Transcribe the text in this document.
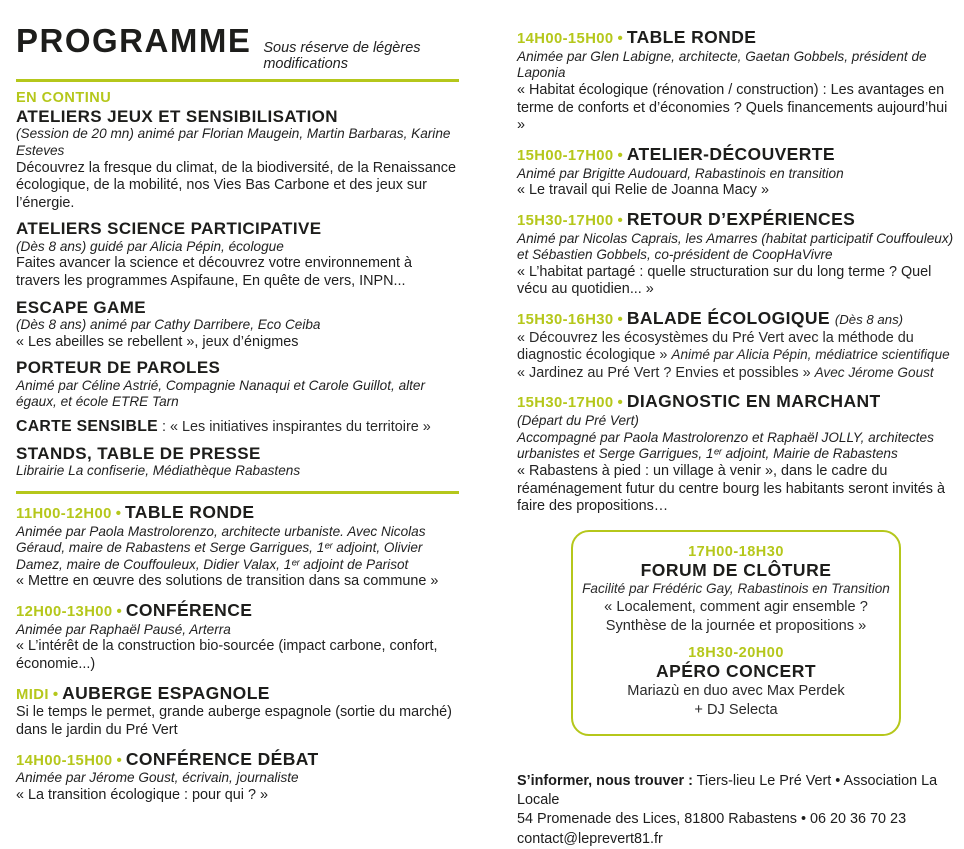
PROGRAMME Sous réserve de légères modifications
EN CONTINU
ATELIERS JEUX ET SENSIBILISATION

(Session de 20 mn) animé par Florian Maugein, Martin Barbaras, Karine Esteves

Découvrez la fresque du climat, de la biodiversité, de la Renaissance écologique, de la mobilité, nos Vies Bas Carbone et des jeux sur l’énergie.

ATELIERS SCIENCE PARTICIPATIVE

(Dès 8 ans) guidé par Alicia Pépin, écologue

Faites avancer la science et découvrez votre environnement à travers les programmes Aspifaune, En quête de vers, INPN...

ESCAPE GAME

(Dès 8 ans) animé par Cathy Darribere, Eco Ceiba

« Les abeilles se rebellent », jeux d’énigmes

PORTEUR DE PAROLES

Animé par Céline Astrié, Compagnie Nanaqui et Carole Guillot, alter égaux, et école ETRE Tarn

CARTE SENSIBLE : « Les initiatives inspirantes du territoire »

STANDS, TABLE DE PRESSE

Librairie La confiserie, Médiathèque Rabastens

11H00-12H00 • TABLE RONDE

Animée par Paola Mastrolorenzo, architecte urbaniste. Avec Nicolas Géraud, maire de Rabastens et Serge Garrigues, 1ᵉʳ adjoint, Olivier Damez, maire de Couffouleux, Didier Valax, 1ᵉʳ adjoint de Parisot

« Mettre en œuvre des solutions de transition dans sa commune »

12H00-13H00 • CONFÉRENCE

Animée par Raphaël Pausé, Arterra

« L’intérêt de la construction bio-sourcée (impact carbone, confort, économie...)

MIDI • AUBERGE ESPAGNOLE

Si le temps le permet, grande auberge espagnole (sortie du marché) dans le jardin du Pré Vert

14H00-15H00 • CONFÉRENCE DÉBAT

Animée par Jérome Goust, écrivain, journaliste

« La transition écologique : pour qui ? »

14H00-15H00 • TABLE RONDE

Animée par Glen Labigne, architecte, Gaetan Gobbels, président de Laponia

« Habitat écologique (rénovation / construction) : Les avantages en terme de conforts et d’économies ? Quels financements aujourd’hui »

15H00-17H00 • ATELIER-DÉCOUVERTE

Animé par Brigitte Audouard, Rabastinois en transition

« Le travail qui Relie de Joanna Macy »

15H30-17H00 • RETOUR D’EXPÉRIENCES

Animé par Nicolas Caprais, les Amarres (habitat participatif Couffouleux) et Sébastien Gobbels, co-président de CoopHaVivre

« L’habitat partagé : quelle structuration sur du long terme ? Quel vécu au quotidien... »

15H30-16H30 • BALADE ÉCOLOGIQUE (Dès 8 ans)

« Découvrez les écosystèmes du Pré Vert avec la méthode du diagnostic écologique » Animé par Alicia Pépin, médiatrice scientifique

« Jardinez au Pré Vert ? Envies et possibles » Avec Jérome Goust

15H30-17H00 • DIAGNOSTIC EN MARCHANT

(Départ du Pré Vert)

Accompagné par Paola Mastrolorenzo et Raphaël JOLLY, architectes urbanistes et Serge Garrigues, 1ᵉʳ adjoint, Mairie de Rabastens

« Rabastens à pied : un village à venir », dans le cadre du réaménagement futur du centre bourg les habitants seront invités à faire des propositions…

17H00-18H30
FORUM DE CLÔTURE
Facilité par Frédéric Gay, Rabastinois en Transition
« Localement, comment agir ensemble ?
Synthèse de la journée et propositions »
18H30-20H00
APÉRO CONCERT
Mariazù en duo avec Max Perdek
+ DJ Selecta

S’informer, nous trouver : Tiers-lieu Le Pré Vert • Association La Locale

54 Promenade des Lices, 81800 Rabastens • 06 20 36 70 23

contact@leprevert81.fr
